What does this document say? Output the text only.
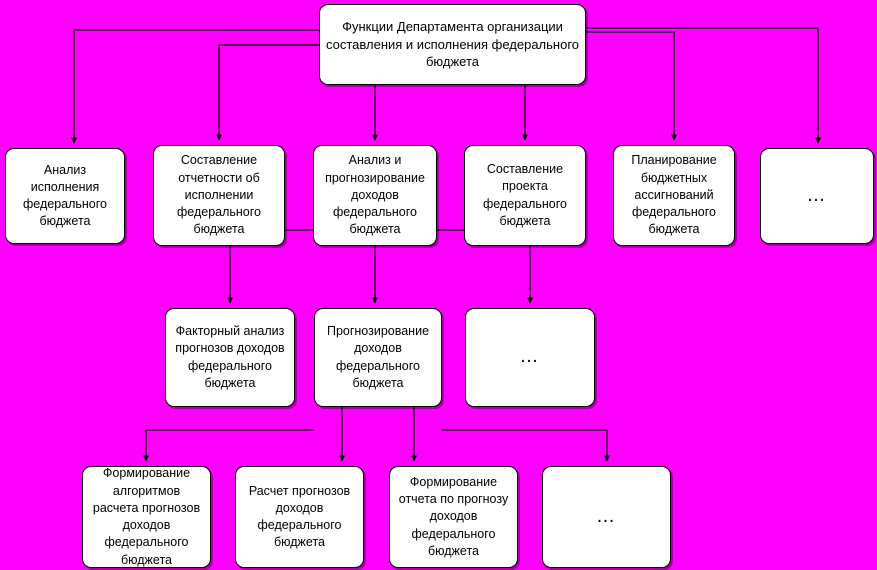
Функции Департамента организации составления и исполнения федерального бюджета
Анализ исполнения федерального бюджета
Составление отчетности об исполнении федерального бюджета
Анализ и прогнозирование доходов федерального бюджета
Составление проекта федерального бюджета
Планирование бюджетных ассигнований федерального бюджета
…
Факторный анализ прогнозов доходов федерального бюджета
Прогнозирование доходов федерального бюджета
…
Формирование алгоритмов расчета прогнозов доходов федерального бюджета
Расчет прогнозов доходов федерального бюджета
Формирование отчета по прогнозу доходов федерального бюджета
…
